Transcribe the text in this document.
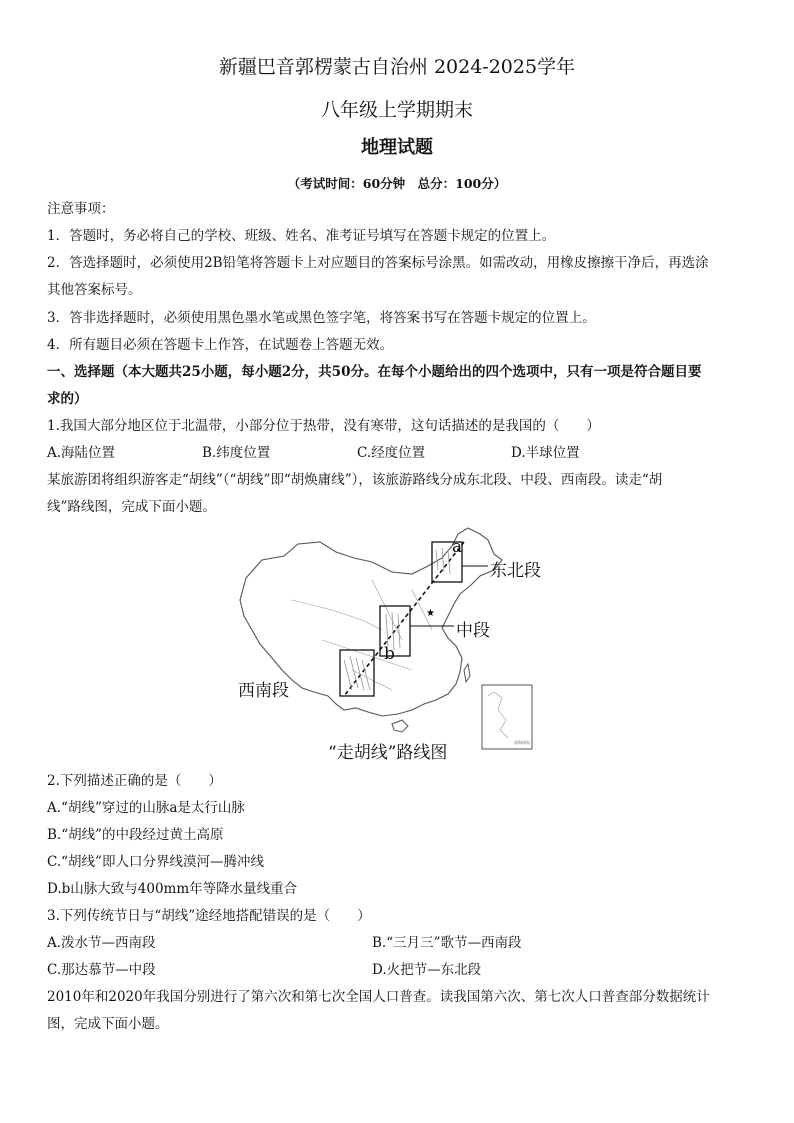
新疆巴音郭楞蒙古自治州 2024-2025学年
八年级上学期期末
地理试题
（考试时间：60分钟　总分：100分）
注意事项：
1．答题时，务必将自己的学校、班级、姓名、准考证号填写在答题卡规定的位置上。
2．答选择题时，必须使用2B铅笔将答题卡上对应题目的答案标号涂黑。如需改动，用橡皮擦擦干净后，再选涂
其他答案标号。
3．答非选择题时，必须使用黑色墨水笔或黑色签字笔，将答案书写在答题卡规定的位置上。
4．所有题目必须在答题卡上作答，在试题卷上答题无效。
一、选择题（本大题共25小题，每小题2分，共50分。在每个小题给出的四个选项中，只有一项是符合题目要
求的）
1.我国大部分地区位于北温带，小部分位于热带，没有寒带，这句话描述的是我国的（　　）
A.海陆位置	B.纬度位置	C.经度位置	D.半球位置
某旅游团将组织游客走“胡线”（“胡线”即“胡焕庸线”），该旅游路线分成东北段、中段、西南段。读走“胡
线”路线图，完成下面小题。
★
南海诸岛
a
b
东北段
中段
西南段
“走胡线”路线图
2.下列描述正确的是（　　）
A.“胡线”穿过的山脉a是太行山脉
B.“胡线”的中段经过黄土高原
C.“胡线”即人口分界线漠河—腾冲线
D.b山脉大致与400mm年等降水量线重合
3.下列传统节日与“胡线”途经地搭配错误的是（　　）
A.泼水节—西南段	B.“三月三”歌节—西南段
C.那达慕节—中段	D.火把节—东北段
2010年和2020年我国分别进行了第六次和第七次全国人口普查。读我国第六次、第七次人口普查部分数据统计
图，完成下面小题。
